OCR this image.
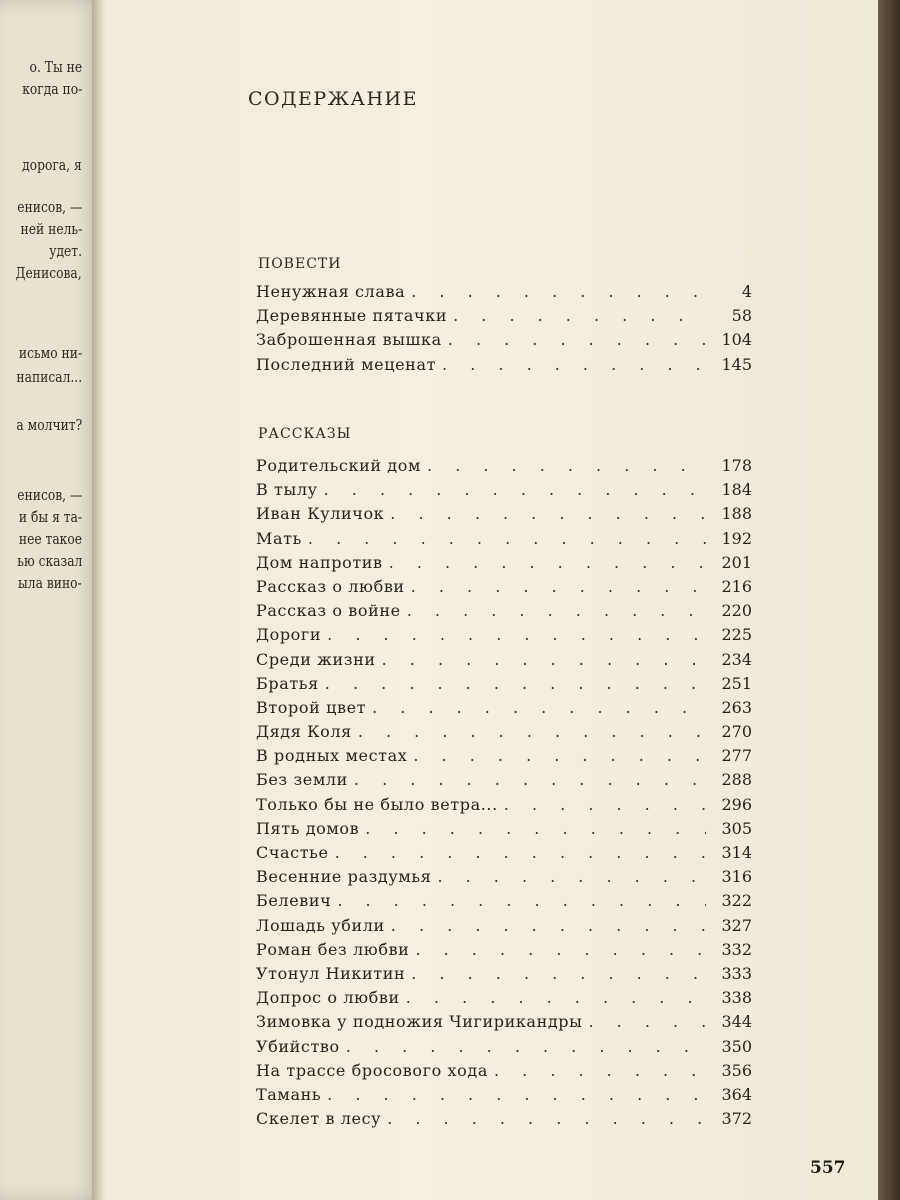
о. Ты не
когда по-
дорога, я
енисов, —
ней нель-
удет.
Денисова,
исьмо ни-
написал...
а молчит?
енисов, —
и бы я та-
нее такое
ью сказал
ыла вино-
СОДЕРЖАНИЕ
ПОВЕСТИ
Ненужная слава . . .	4
Деревянные пятачки . . .	58
Заброшенная вышка . . .	104
Последний меценат . . .	145
РАССКАЗЫ
Родительский дом . . .	178
В тылу . . .	184
Иван Куличок . . .	188
Мать . . .	192
Дом напротив . . .	201
Рассказ о любви . . .	216
Рассказ о войне . . .	220
Дороги . . .	225
Среди жизни . . .	234
Братья . . .	251
Второй цвет . . .	263
Дядя Коля . . .	270
В родных местах . . .	277
Без земли . . .	288
Только бы не было ветра... . . .	296
Пять домов . . .	305
Счастье . . .	314
Весенние раздумья . . .	316
Белевич . . .	322
Лошадь убили . . .	327
Роман без любви . . .	332
Утонул Никитин . . .	333
Допрос о любви . . .	338
Зимовка у подножия Чигирикандры . . .	344
Убийство . . .	350
На трассе бросового хода . . .	356
Тамань . . .	364
Скелет в лесу . . .	372
557
